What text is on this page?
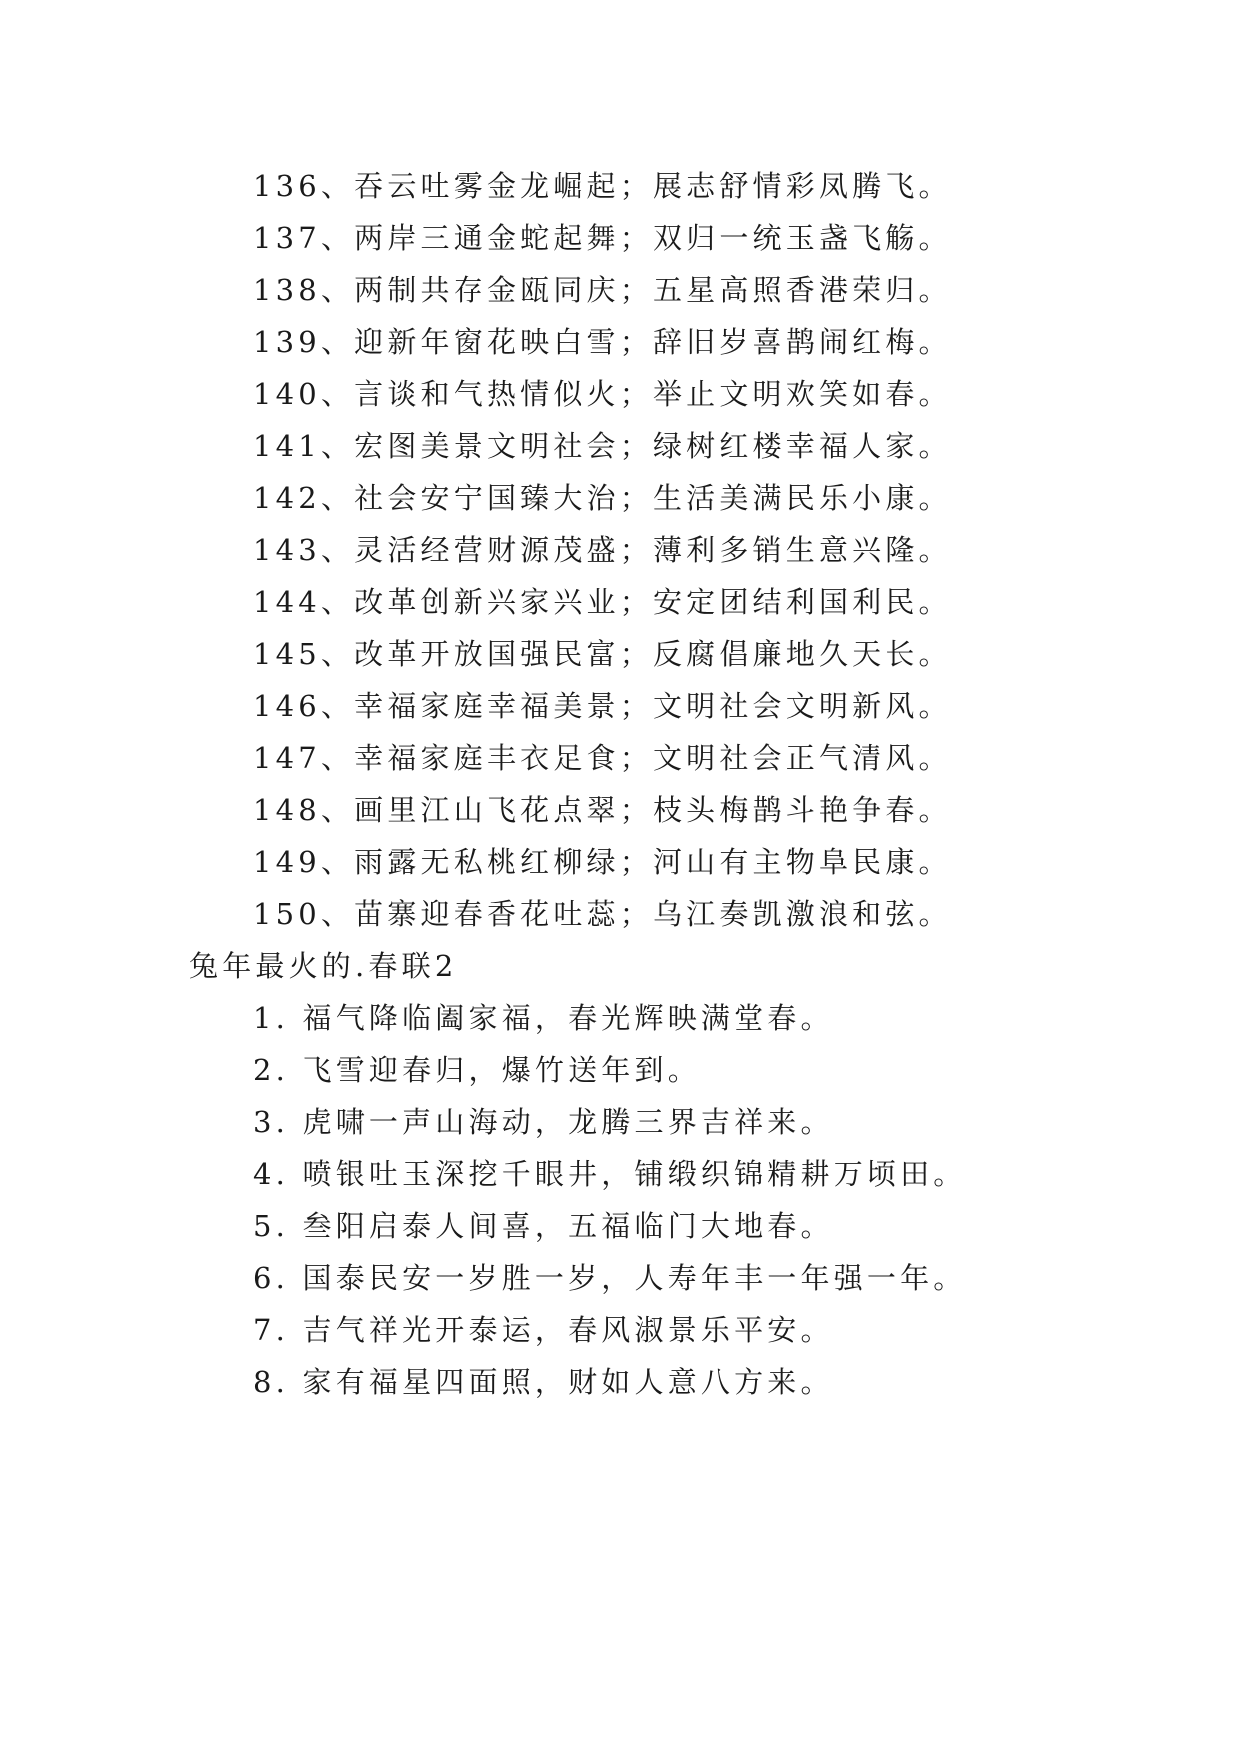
136、吞云吐雾金龙崛起；展志舒情彩凤腾飞。
137、两岸三通金蛇起舞；双归一统玉盏飞觞。
138、两制共存金瓯同庆；五星高照香港荣归。
139、迎新年窗花映白雪；辞旧岁喜鹊闹红梅。
140、言谈和气热情似火；举止文明欢笑如春。
141、宏图美景文明社会；绿树红楼幸福人家。
142、社会安宁国臻大治；生活美满民乐小康。
143、灵活经营财源茂盛；薄利多销生意兴隆。
144、改革创新兴家兴业；安定团结利国利民。
145、改革开放国强民富；反腐倡廉地久天长。
146、幸福家庭幸福美景；文明社会文明新风。
147、幸福家庭丰衣足食；文明社会正气清风。
148、画里江山飞花点翠；枝头梅鹊斗艳争春。
149、雨露无私桃红柳绿；河山有主物阜民康。
150、苗寨迎春香花吐蕊；乌江奏凯激浪和弦。
兔年最火的.春联2
1. 福气降临阖家福，春光辉映满堂春。
2. 飞雪迎春归，爆竹送年到。
3. 虎啸一声山海动，龙腾三界吉祥来。
4. 喷银吐玉深挖千眼井，铺缎织锦精耕万顷田。
5. 叁阳启泰人间喜，五福临门大地春。
6. 国泰民安一岁胜一岁，人寿年丰一年强一年。
7. 吉气祥光开泰运，春风淑景乐平安。
8. 家有福星四面照，财如人意八方来。
